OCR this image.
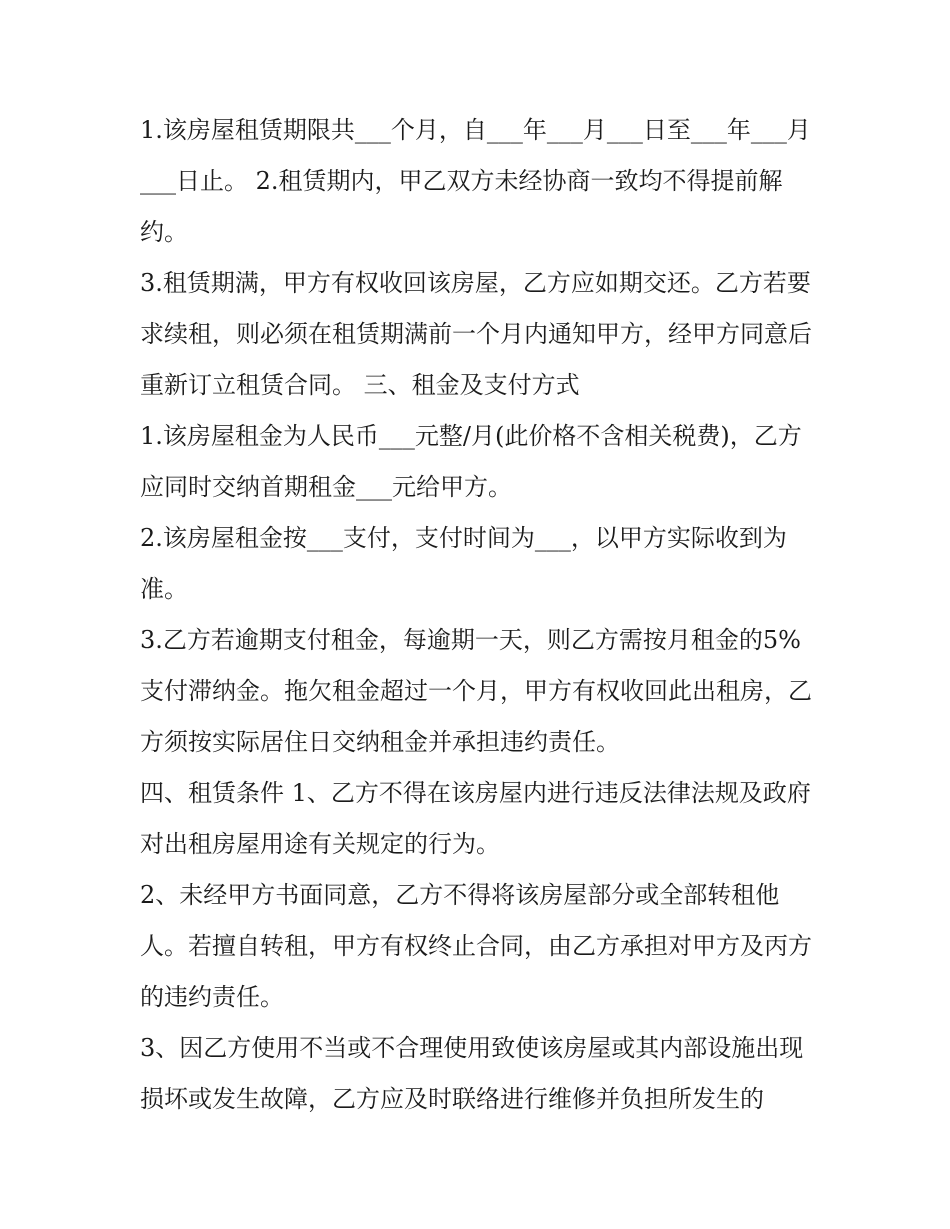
1.该房屋租赁期限共___个月，自___年___月___日至___年___月___日止。 2.租赁期内，甲乙双方未经协商一致均不得提前解约。

3.租赁期满，甲方有权收回该房屋，乙方应如期交还。乙方若要求续租，则必须在租赁期满前一个月内通知甲方，经甲方同意后重新订立租赁合同。 三、租金及支付方式

1.该房屋租金为人民币___元整/月(此价格不含相关税费)，乙方应同时交纳首期租金___元给甲方。

2.该房屋租金按___支付，支付时间为___，以甲方实际收到为准。

3.乙方若逾期支付租金，每逾期一天，则乙方需按月租金的5%支付滞纳金。拖欠租金超过一个月，甲方有权收回此出租房，乙方须按实际居住日交纳租金并承担违约责任。

四、租赁条件 1、乙方不得在该房屋内进行违反法律法规及政府对出租房屋用途有关规定的行为。

2、未经甲方书面同意，乙方不得将该房屋部分或全部转租他人。若擅自转租，甲方有权终止合同，由乙方承担对甲方及丙方的违约责任。

3、因乙方使用不当或不合理使用致使该房屋或其内部设施出现损坏或发生故障，乙方应及时联络进行维修并负担所发生的
